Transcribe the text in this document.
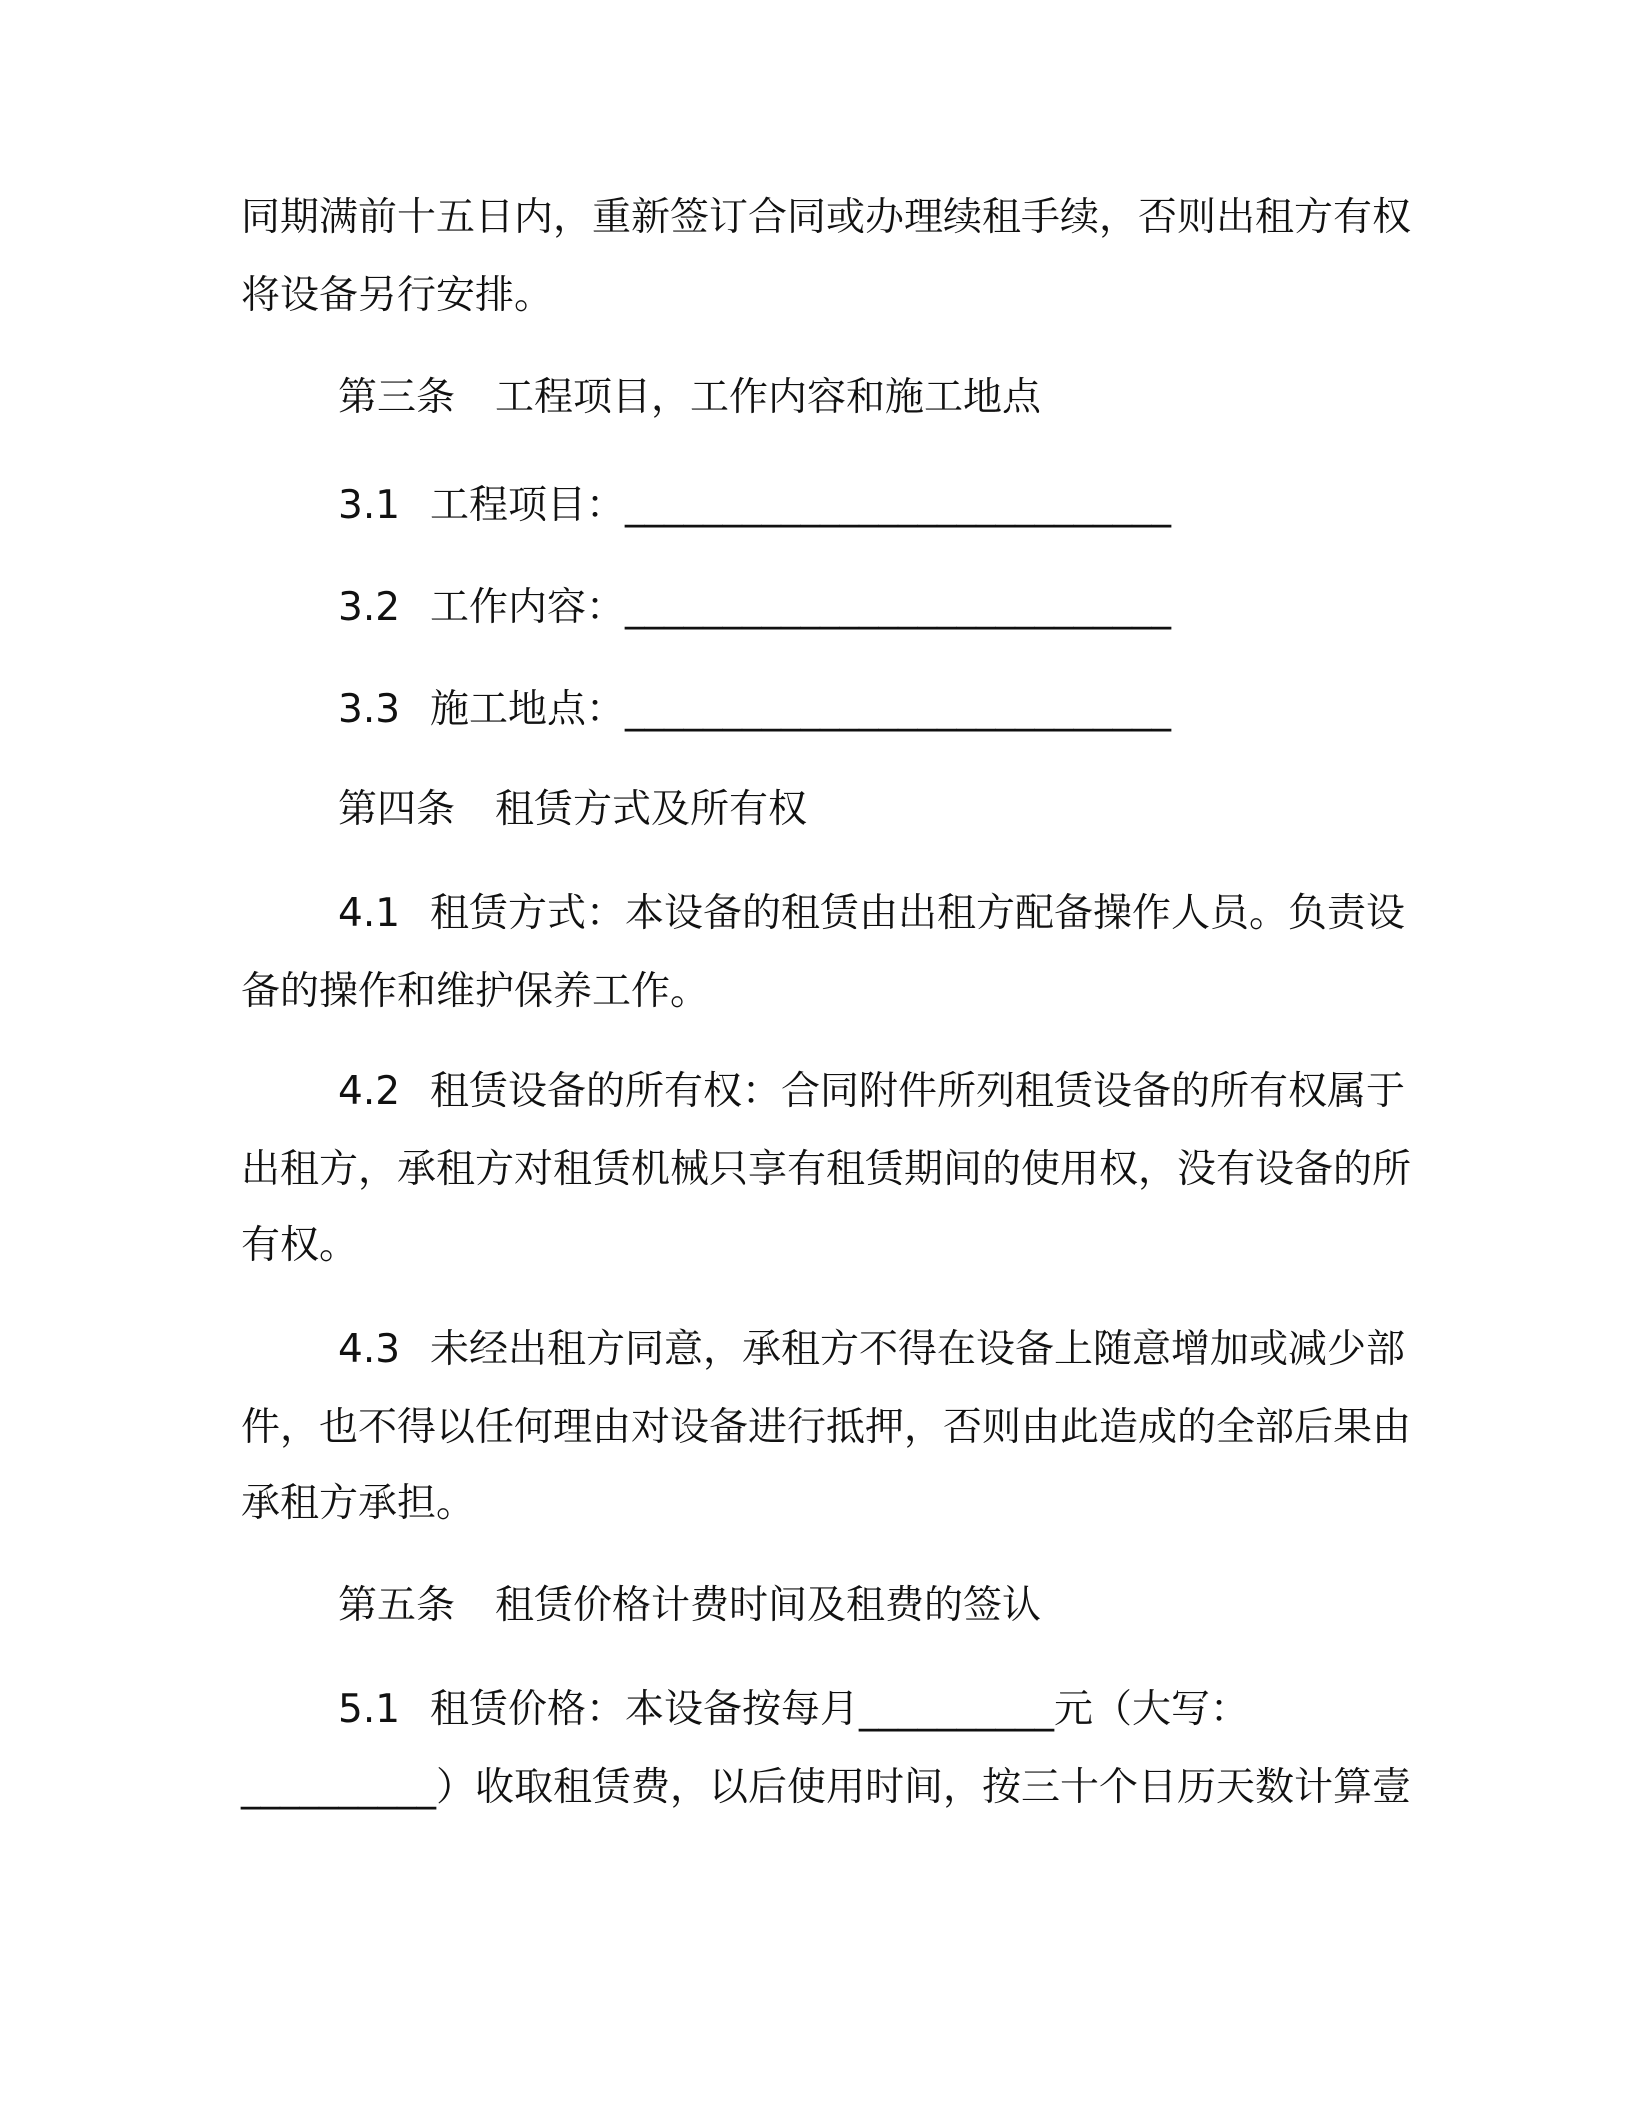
同期满前十五日内，重新签订合同或办理续租手续，否则出租方有权
将设备另行安排。
第三条 工程项目，工作内容和施工地点
3.1 工程项目：____________________________
3.2 工作内容：____________________________
3.3 施工地点：____________________________
第四条 租赁方式及所有权
4.1 租赁方式：本设备的租赁由出租方配备操作人员。负责设
备的操作和维护保养工作。
4.2 租赁设备的所有权：合同附件所列租赁设备的所有权属于
出租方，承租方对租赁机械只享有租赁期间的使用权，没有设备的所
有权。
4.3 未经出租方同意，承租方不得在设备上随意增加或减少部
件，也不得以任何理由对设备进行抵押，否则由此造成的全部后果由
承租方承担。
第五条 租赁价格计费时间及租费的签认
5.1 租赁价格：本设备按每月__________元（大写：
__________）收取租赁费，以后使用时间，按三十个日历天数计算壹
